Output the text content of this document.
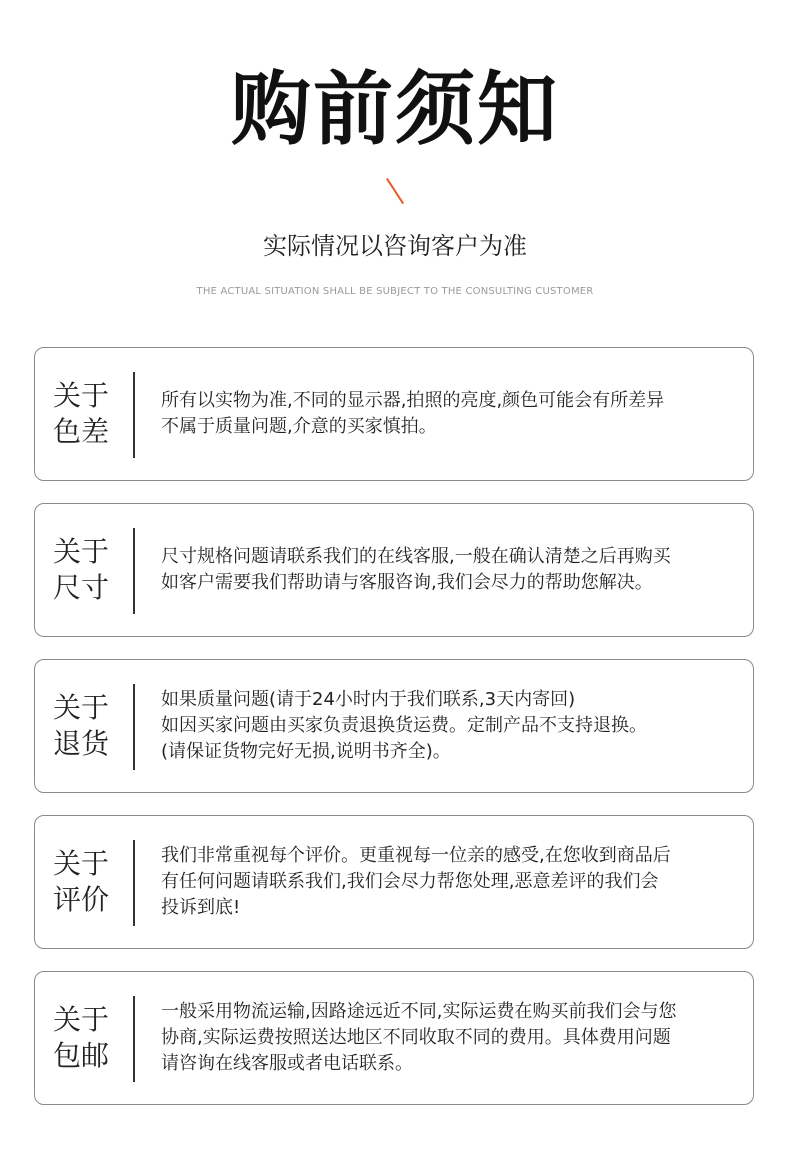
购前须知
实际情况以咨询客户为准
THE ACTUAL SITUATION SHALL BE SUBJECT TO THE CONSULTING CUSTOMER
关于
色差
所有以实物为准,不同的显示器,拍照的亮度,颜色可能会有所差异
不属于质量问题,介意的买家慎拍。
关于
尺寸
尺寸规格问题请联系我们的在线客服,一般在确认清楚之后再购买
如客户需要我们帮助请与客服咨询,我们会尽力的帮助您解决。
关于
退货
如果质量问题(请于24小时内于我们联系,3天内寄回)
如因买家问题由买家负责退换货运费。定制产品不支持退换。
(请保证货物完好无损,说明书齐全)。
关于
评价
我们非常重视每个评价。更重视每一位亲的感受,在您收到商品后
有任何问题请联系我们,我们会尽力帮您处理,恶意差评的我们会
投诉到底!
关于
包邮
一般采用物流运输,因路途远近不同,实际运费在购买前我们会与您
协商,实际运费按照送达地区不同收取不同的费用。具体费用问题
请咨询在线客服或者电话联系。
